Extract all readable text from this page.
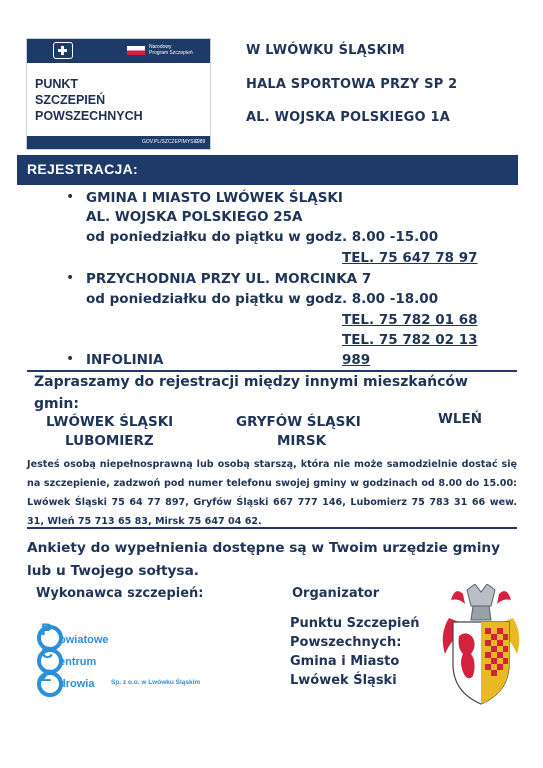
Narodowy
Program Szczepień
PUNKT
SZCZEPIEŃ
POWSZECHNYCH
GOV.PL/SZCZEPIMYSIE
989
W LWÓWKU ŚLĄSKIM
HALA SPORTOWA PRZY SP 2
AL. WOJSKA POLSKIEGO 1A
REJESTRACJA:
• GMINA I MIASTO LWÓWEK ŚLĄSKI
AL. WOJSKA POLSKIEGO 25A
od poniedziałku do piątku w godz. 8.00 -15.00
TEL. 75 647 78 97
• PRZYCHODNIA PRZY UL. MORCINKA 7
od poniedziałku do piątku w godz. 8.00 -18.00
TEL. 75 782 01 68
TEL. 75 782 02 13
• INFOLINIA	989
Zapraszamy do rejestracji między innymi mieszkańców
gmin:
LWÓWEK ŚLĄSKI	GRYFÓW ŚLĄSKI	WLEŃ
LUBOMIERZ	MIRSK
Jesteś osobą niepełnosprawną lub osobą starszą, która nie może samodzielnie dostać się na szczepienie, zadzwoń pod numer telefonu swojej gminy w godzinach od 8.00 do 15.00: Lwówek Śląski 75 64 77 897, Gryfów Śląski 667 777 146, Lubomierz 75 783 31 66 wew. 31, Wleń 75 713 65 83, Mirsk 75 647 04 62.
Ankiety do wypełnienia dostępne są w Twoim urzędzie gminy lub u Twojego sołtysa.
Wykonawca szczepień:
P
owiatowe
C entrum
Z drowia	Sp. z o.o. w Lwówku Śląskim
Organizator
Punktu Szczepień
Powszechnych:
Gmina i Miasto
Lwówek Śląski
